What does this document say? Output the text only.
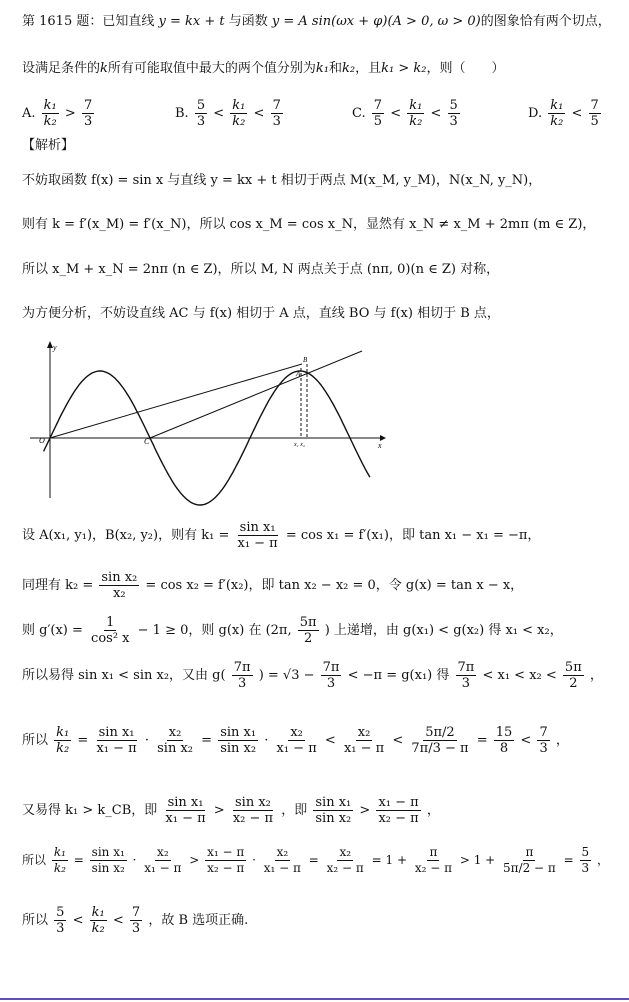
第 1615 题：已知直线 y = kx + t 与函数 y = A sin(ωx + φ)(A > 0, ω > 0)的图象恰有两个切点，
设满足条件的k所有可能取值中最大的两个值分别为k₁和k₂，且k₁ > k₂，则（　　）
A. $\frac{\text{k₁}}{\text{k₂}} > \frac{7}{3}$	B. $\frac{5}{3} < \frac{\text{k₁}}{\text{k₂}} < \frac{7}{3}$	C. $\frac{7}{5} < \frac{\text{k₁}}{\text{k₂}} < \frac{5}{3}$	D. $\frac{\text{k₁}}{\text{k₂}} < \frac{7}{5}$
【解析】
不妨取函数 f(x) = sin x 与直线 y = kx + t 相切于两点 M(x_M, y_M)，N(x_N, y_N)，
则有 k = f′(x_M) = f′(x_N)，所以 cos x_M = cos x_N，显然有 x_N ≠ x_M + 2mπ (m ∈ Z)，
所以 x_M + x_N = 2nπ (n ∈ Z)，所以 M, N 两点关于点 (nπ, 0)(n ∈ Z) 对称，
为方便分析，不妨设直线 AC 与 f(x) 相切于 A 点，直线 BO 与 f(x) 相切于 B 点，
y
x
O	C
A
B
x₁ x₂
设 A(x₁, y₁)，B(x₂, y₂)，则有 $k_1 = \frac{\text{sin x₁}}{\text{x₁ − π}} = \cos x_1 = f'(x_1)$，即 tan x₁ − x₁ = −π，
同理有 $k_2 = \frac{\text{sin x₂}}{\text{x₂}} = \cos x_2 = f'(x_2)$，即 tan x₂ − x₂ = 0，令 g(x) = tan x − x，
则 $g'(x) = \frac{1}{\text{cos² x}} - 1 \ge 0$，则 g(x) 在 (2π, $\frac{5\pi}{2}$ ) 上递增，由 g(x₁) < g(x₂) 得 x₁ < x₂，
所以易得 sin x₁ < sin x₂，又由 $g( \frac{7\pi}{3}$ ) = $√3 - \frac{7\pi}{3} < -\pi = g(x_1)$ 得 $\frac{7\pi}{3} < x_1 < x_2 < \frac{5\pi}{2}$ ，
所以 $\frac{\text{k₁}}{\text{k₂}} = \frac{\text{sin x₁}}{\text{x₁ − π}} \cdot \frac{\text{x₂}}{\text{sin x₂}} = \frac{\text{sin x₁}}{\text{sin x₂}} \cdot \frac{\text{x₂}}{\text{x₁ − π}} < \frac{\text{x₂}}{\text{x₁ − π}} < \frac{5\pi/2}{7\pi/3 - \pi} = \frac{15}{8} < \frac{7}{3}$ ，
又易得 k₁ > k_CB，即 $\frac{\text{sin x₁}}{\text{x₁ − π}} > \frac{\text{sin x₂}}{\text{x₂ − π}}$ ，即 $\frac{\text{sin x₁}}{\text{sin x₂}} > \frac{\text{x₁ − π}}{\text{x₂ − π}}$ ，
所以 $\frac{\text{k₁}}{\text{k₂}} = \frac{\text{sin x₁}}{\text{sin x₂}} \cdot \frac{\text{x₂}}{\text{x₁ − π}} > \frac{\text{x₁ − π}}{\text{x₂ − π}} \cdot \frac{\text{x₂}}{\text{x₁ − π}} = \frac{\text{x₂}}{\text{x₂ − π}} = 1 + \frac{\pi}{\text{x₂ − π}} > 1 + \frac{\pi}{5\pi/2 - \pi} = \frac{5}{3}$ ，
所以 $\frac{5}{3} < \frac{\text{k₁}}{\text{k₂}} < \frac{7}{3}$ ，故 B 选项正确.
